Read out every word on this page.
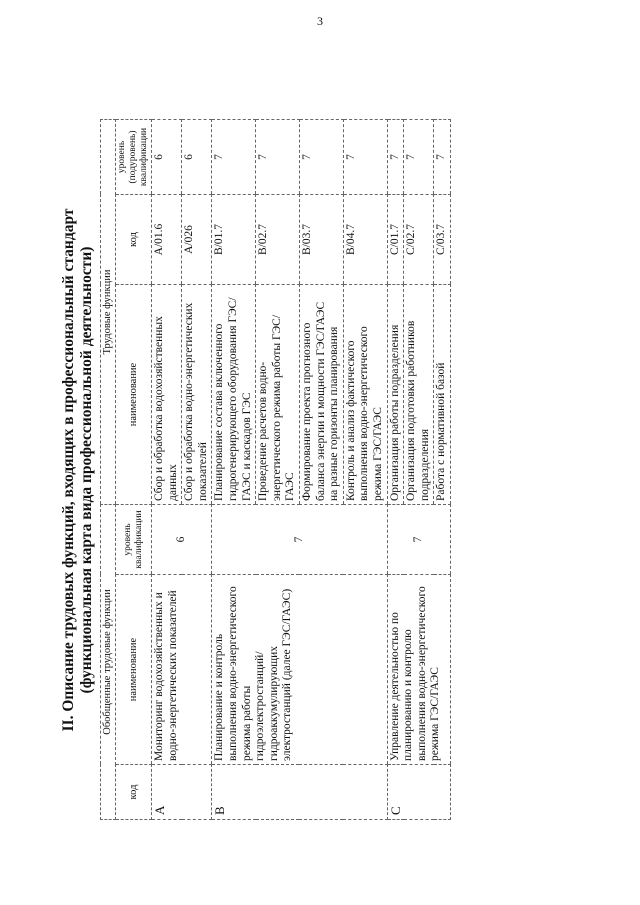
3
II. Описание трудовых функций, входящих в профессиональный стандарт (функциональная карта вида профессиональной деятельности) Обобщенные трудовые функции			Трудовые функции		
код	наименование	уровень квалификации	наименование	код	уровень (подуровень) квалификации
A	Мониторинг водохозяйственных и водно-энергетических показателей	6	Сбор и обработка водохозяйственных данных	A/01.6	6
			Сбор и обработка водно-энергетических показателей	A/026	6
B	Планирование и контроль выполнения водно-энергетического режима работы гидроэлектростанций/ гидроаккумулирующих электростанций (далее ГЭС/ГАЭС)	7	Планирование состава включенного гидрогенерирующего оборудования ГЭС/ГАЭС и каскадов ГЭС	B/01.7	7
			Проведение расчетов водно-энергетического режима работы ГЭС/ГАЭС	B/02.7	7
			Формирование проекта прогнозного баланса энергии и мощности ГЭС/ГАЭС на разные горизонты планирования	B/03.7	7
			Контроль и анализ фактического выполнения водно-энергетического режима ГЭС/ГАЭС	B/04.7	7
C	Управление деятельностью по планированию и контролю выполнения водно-энергетического режима ГЭС/ГАЭС	7	Организация работы подразделения	C/01.7	7
			Организация подготовки работников подразделения	C/02.7	7
			Работа с нормативной базой	C/03.7	7
